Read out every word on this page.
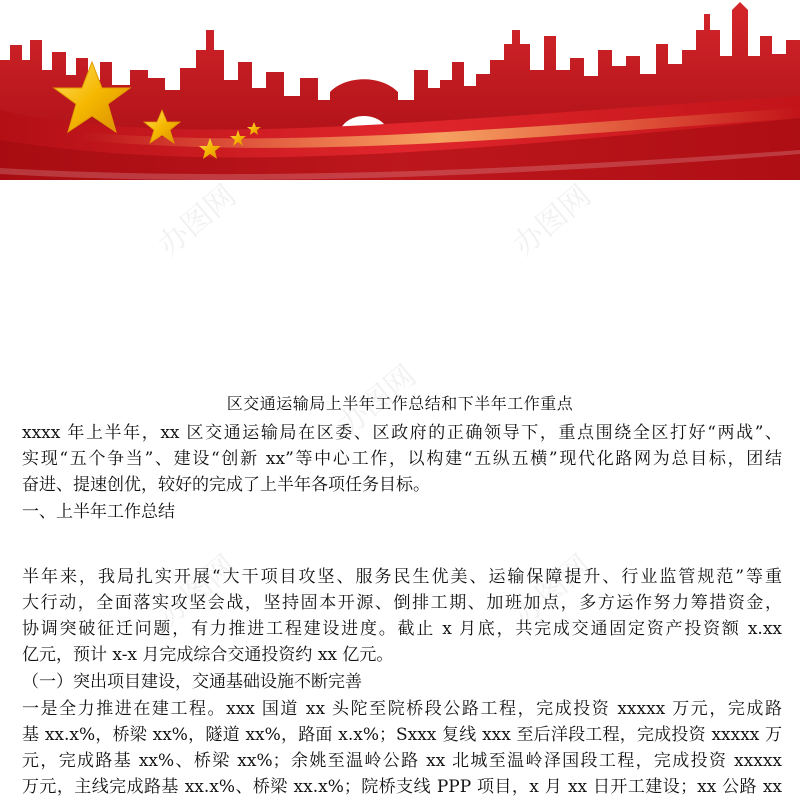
办图网	办图网
办图网
办图网	办图网
区交通运输局上半年工作总结和下半年工作重点
xxxx 年上半年，xx 区交通运输局在区委、区政府的正确领导下，重点围绕全区打好“两战”、
实现“五个争当”、建设“创新 xx”等中心工作，以构建“五纵五横”现代化路网为总目标，团结
奋进、提速创优，较好的完成了上半年各项任务目标。
一、上半年工作总结
半年来，我局扎实开展“大干项目攻坚、服务民生优美、运输保障提升、行业监管规范”等重
大行动，全面落实攻坚会战，坚持固本开源、倒排工期、加班加点，多方运作努力筹措资金，
协调突破征迁问题，有力推进工程建设进度。截止 x 月底，共完成交通固定资产投资额 x.xx
亿元，预计 x-x 月完成综合交通投资约 xx 亿元。
（一）突出项目建设，交通基础设施不断完善
一是全力推进在建工程。xxx 国道 xx 头陀至院桥段公路工程，完成投资 xxxxx 万元，完成路
基 xx.x%，桥梁 xx%，隧道 xx%，路面 x.x%；Sxxx 复线 xxx 至后洋段工程，完成投资 xxxxx 万
元，完成路基 xx%、桥梁 xx%；余姚至温岭公路 xx 北城至温岭泽国段工程，完成投资 xxxxx
万元，主线完成路基 xx.x%、桥梁 xx.x%；院桥支线 PPP 项目，x 月 xx 日开工建设；xx 公路 xx
